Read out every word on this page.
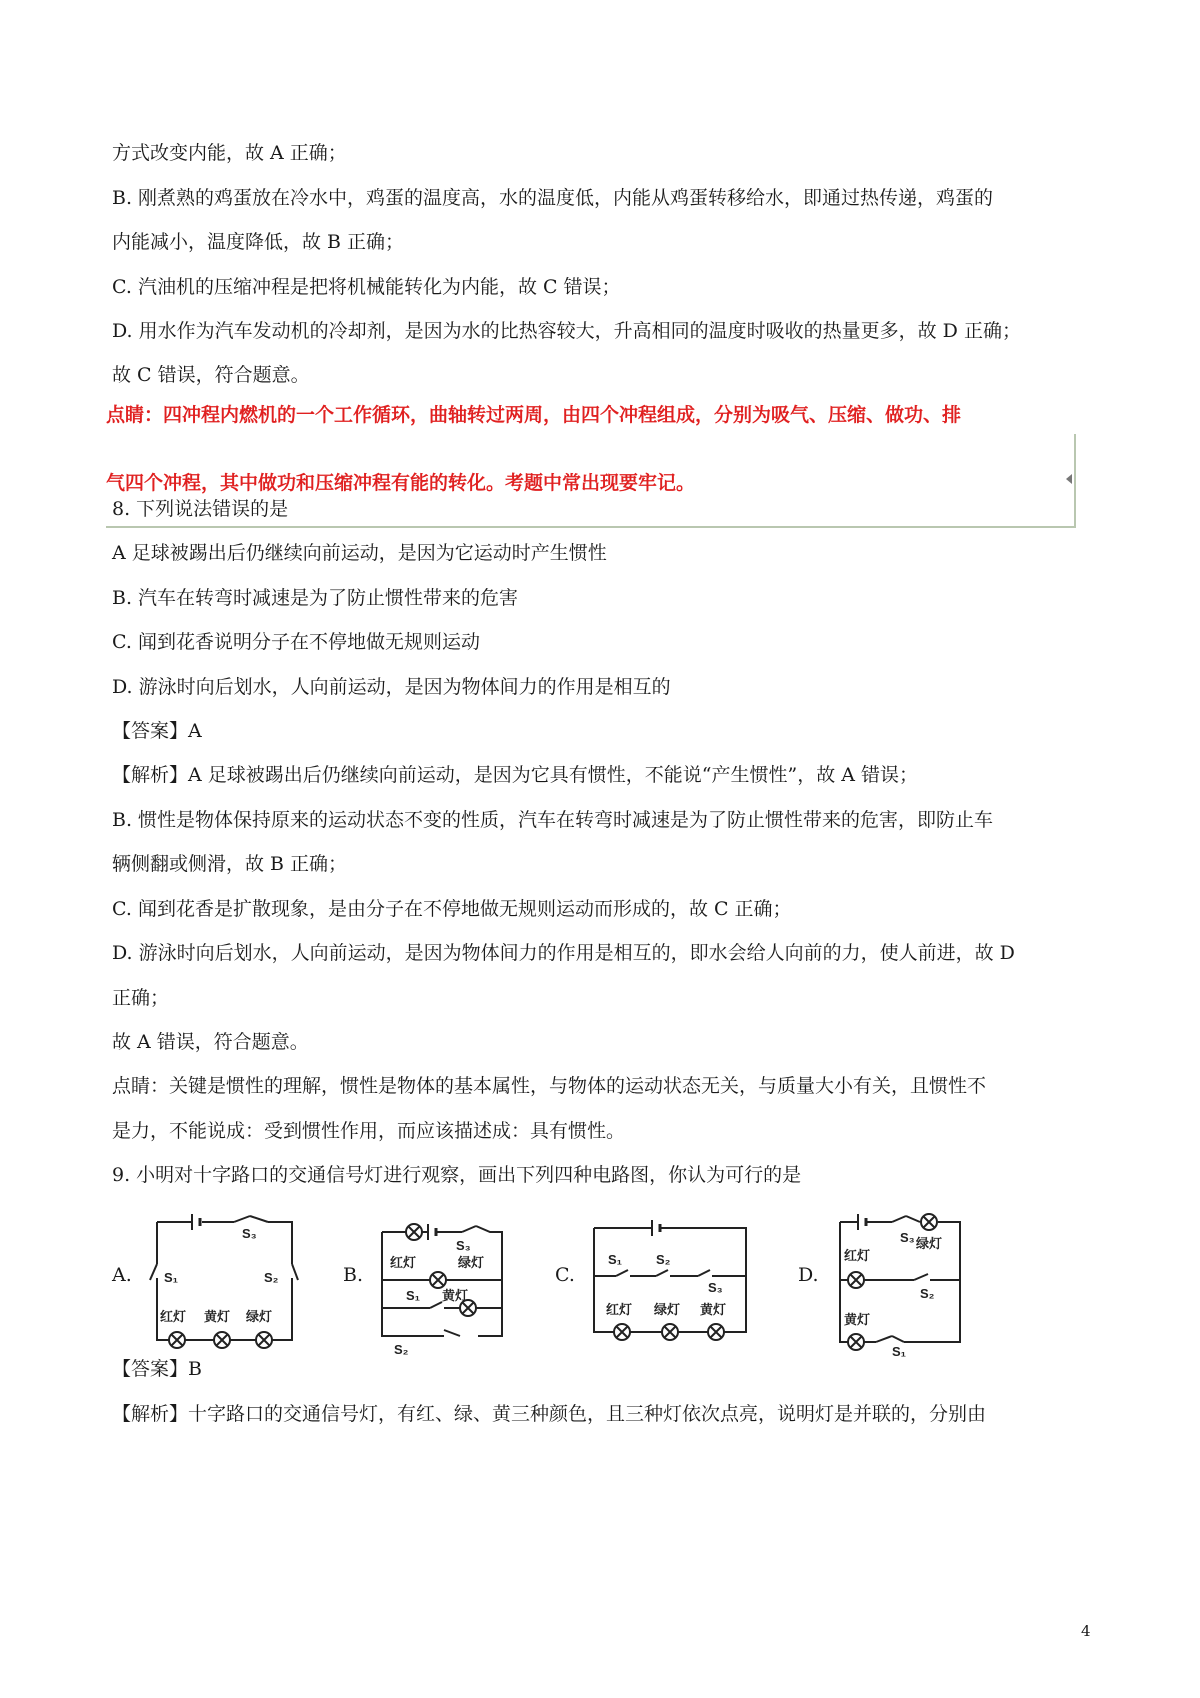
方式改变内能，故 A 正确；
B. 刚煮熟的鸡蛋放在冷水中，鸡蛋的温度高，水的温度低，内能从鸡蛋转移给水，即通过热传递，鸡蛋的
内能减小，温度降低，故 B 正确；
C. 汽油机的压缩冲程是把将机械能转化为内能，故 C 错误；
D. 用水作为汽车发动机的冷却剂，是因为水的比热容较大，升高相同的温度时吸收的热量更多，故 D 正确；
故 C 错误，符合题意。
点睛：四冲程内燃机的一个工作循环，曲轴转过两周，由四个冲程组成，分别为吸气、压缩、做功、排
气四个冲程，其中做功和压缩冲程有能的转化。考题中常出现要牢记。
8. 下列说法错误的是
A 足球被踢出后仍继续向前运动，是因为它运动时产生惯性
B. 汽车在转弯时减速是为了防止惯性带来的危害
C. 闻到花香说明分子在不停地做无规则运动
D. 游泳时向后划水，人向前运动，是因为物体间力的作用是相互的
【答案】A
【解析】A 足球被踢出后仍继续向前运动，是因为它具有惯性，不能说“产生惯性”，故 A 错误；
B. 惯性是物体保持原来的运动状态不变的性质，汽车在转弯时减速是为了防止惯性带来的危害，即防止车
辆侧翻或侧滑，故 B 正确；
C. 闻到花香是扩散现象，是由分子在不停地做无规则运动而形成的，故 C 正确；
D. 游泳时向后划水，人向前运动，是因为物体间力的作用是相互的，即水会给人向前的力，使人前进，故 D
正确；
故 A 错误，符合题意。
点睛：关键是惯性的理解，惯性是物体的基本属性，与物体的运动状态无关，与质量大小有关，且惯性不
是力，不能说成：受到惯性作用，而应该描述成：具有惯性。
9. 小明对十字路口的交通信号灯进行观察，画出下列四种电路图，你认为可行的是
A.	B.	C.	D.
S₃
S₁	S₂
红灯 黄灯 绿灯
S₃
红灯	绿灯
S₁ 黄灯
S₂
S₁	S₂
S₃
红灯 绿灯 黄灯
S₃ 绿灯
红灯
S₂
黄灯
S₁
【答案】B
【解析】十字路口的交通信号灯，有红、绿、黄三种颜色，且三种灯依次点亮，说明灯是并联的，分别由
4
